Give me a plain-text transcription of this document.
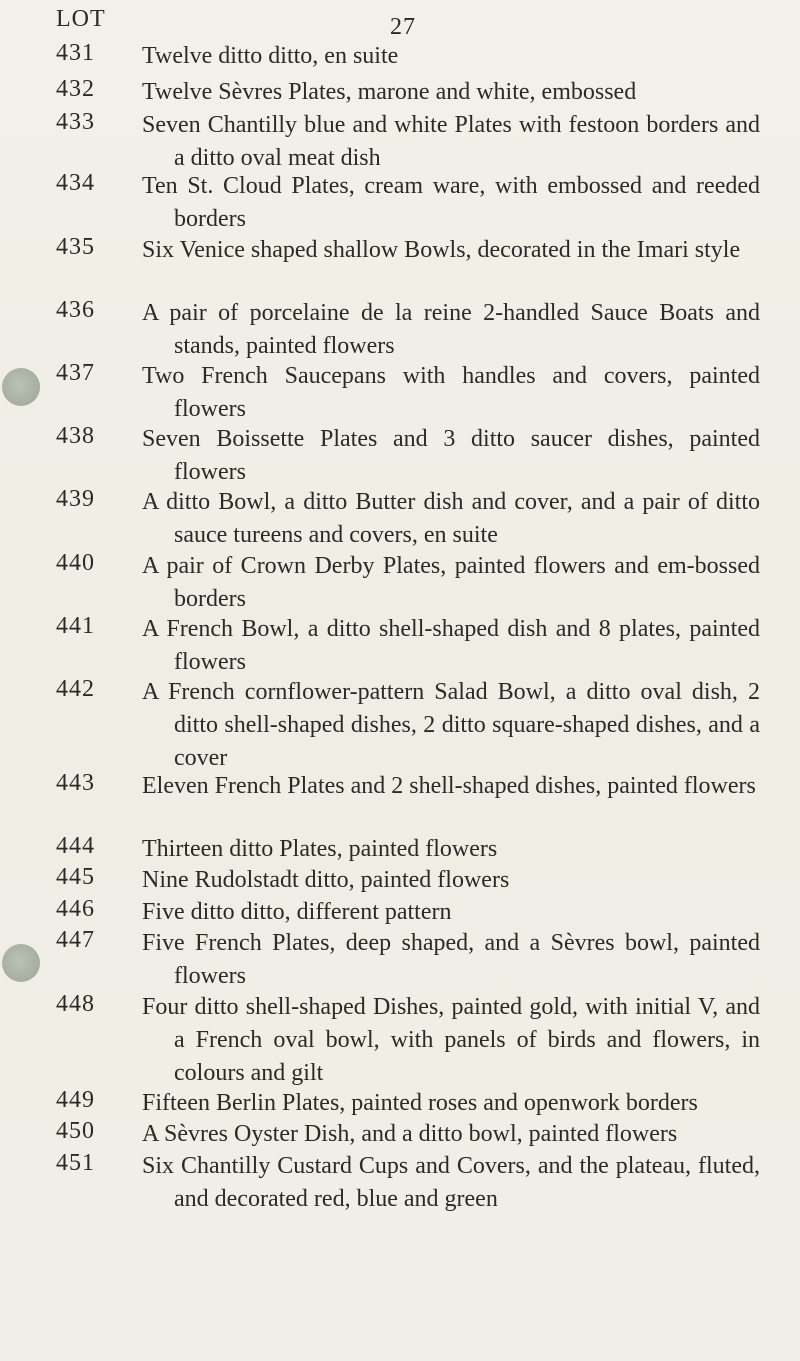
27
LOT
431 Twelve ditto ditto, en suite
432 Twelve Sèvres Plates, marone and white, embossed
433 Seven Chantilly blue and white Plates with festoon borders and a ditto oval meat dish
434 Ten St. Cloud Plates, cream ware, with embossed and reeded borders
435 Six Venice shaped shallow Bowls, decorated in the Imari style
436 A pair of porcelaine de la reine 2-handled Sauce Boats and stands, painted flowers
437 Two French Saucepans with handles and covers, painted flowers
438 Seven Boissette Plates and 3 ditto saucer dishes, painted flowers
439 A ditto Bowl, a ditto Butter dish and cover, and a pair of ditto sauce tureens and covers, en suite
440 A pair of Crown Derby Plates, painted flowers and em-bossed borders
441 A French Bowl, a ditto shell-shaped dish and 8 plates, painted flowers
442 A French cornflower-pattern Salad Bowl, a ditto oval dish, 2 ditto shell-shaped dishes, 2 ditto square-shaped dishes, and a cover
443 Eleven French Plates and 2 shell-shaped dishes, painted flowers
444 Thirteen ditto Plates, painted flowers
445 Nine Rudolstadt ditto, painted flowers
446 Five ditto ditto, different pattern
447 Five French Plates, deep shaped, and a Sèvres bowl, painted flowers
448 Four ditto shell-shaped Dishes, painted gold, with initial V, and a French oval bowl, with panels of birds and flowers, in colours and gilt
449 Fifteen Berlin Plates, painted roses and openwork borders
450 A Sèvres Oyster Dish, and a ditto bowl, painted flowers
451 Six Chantilly Custard Cups and Covers, and the plateau, fluted, and decorated red, blue and green
